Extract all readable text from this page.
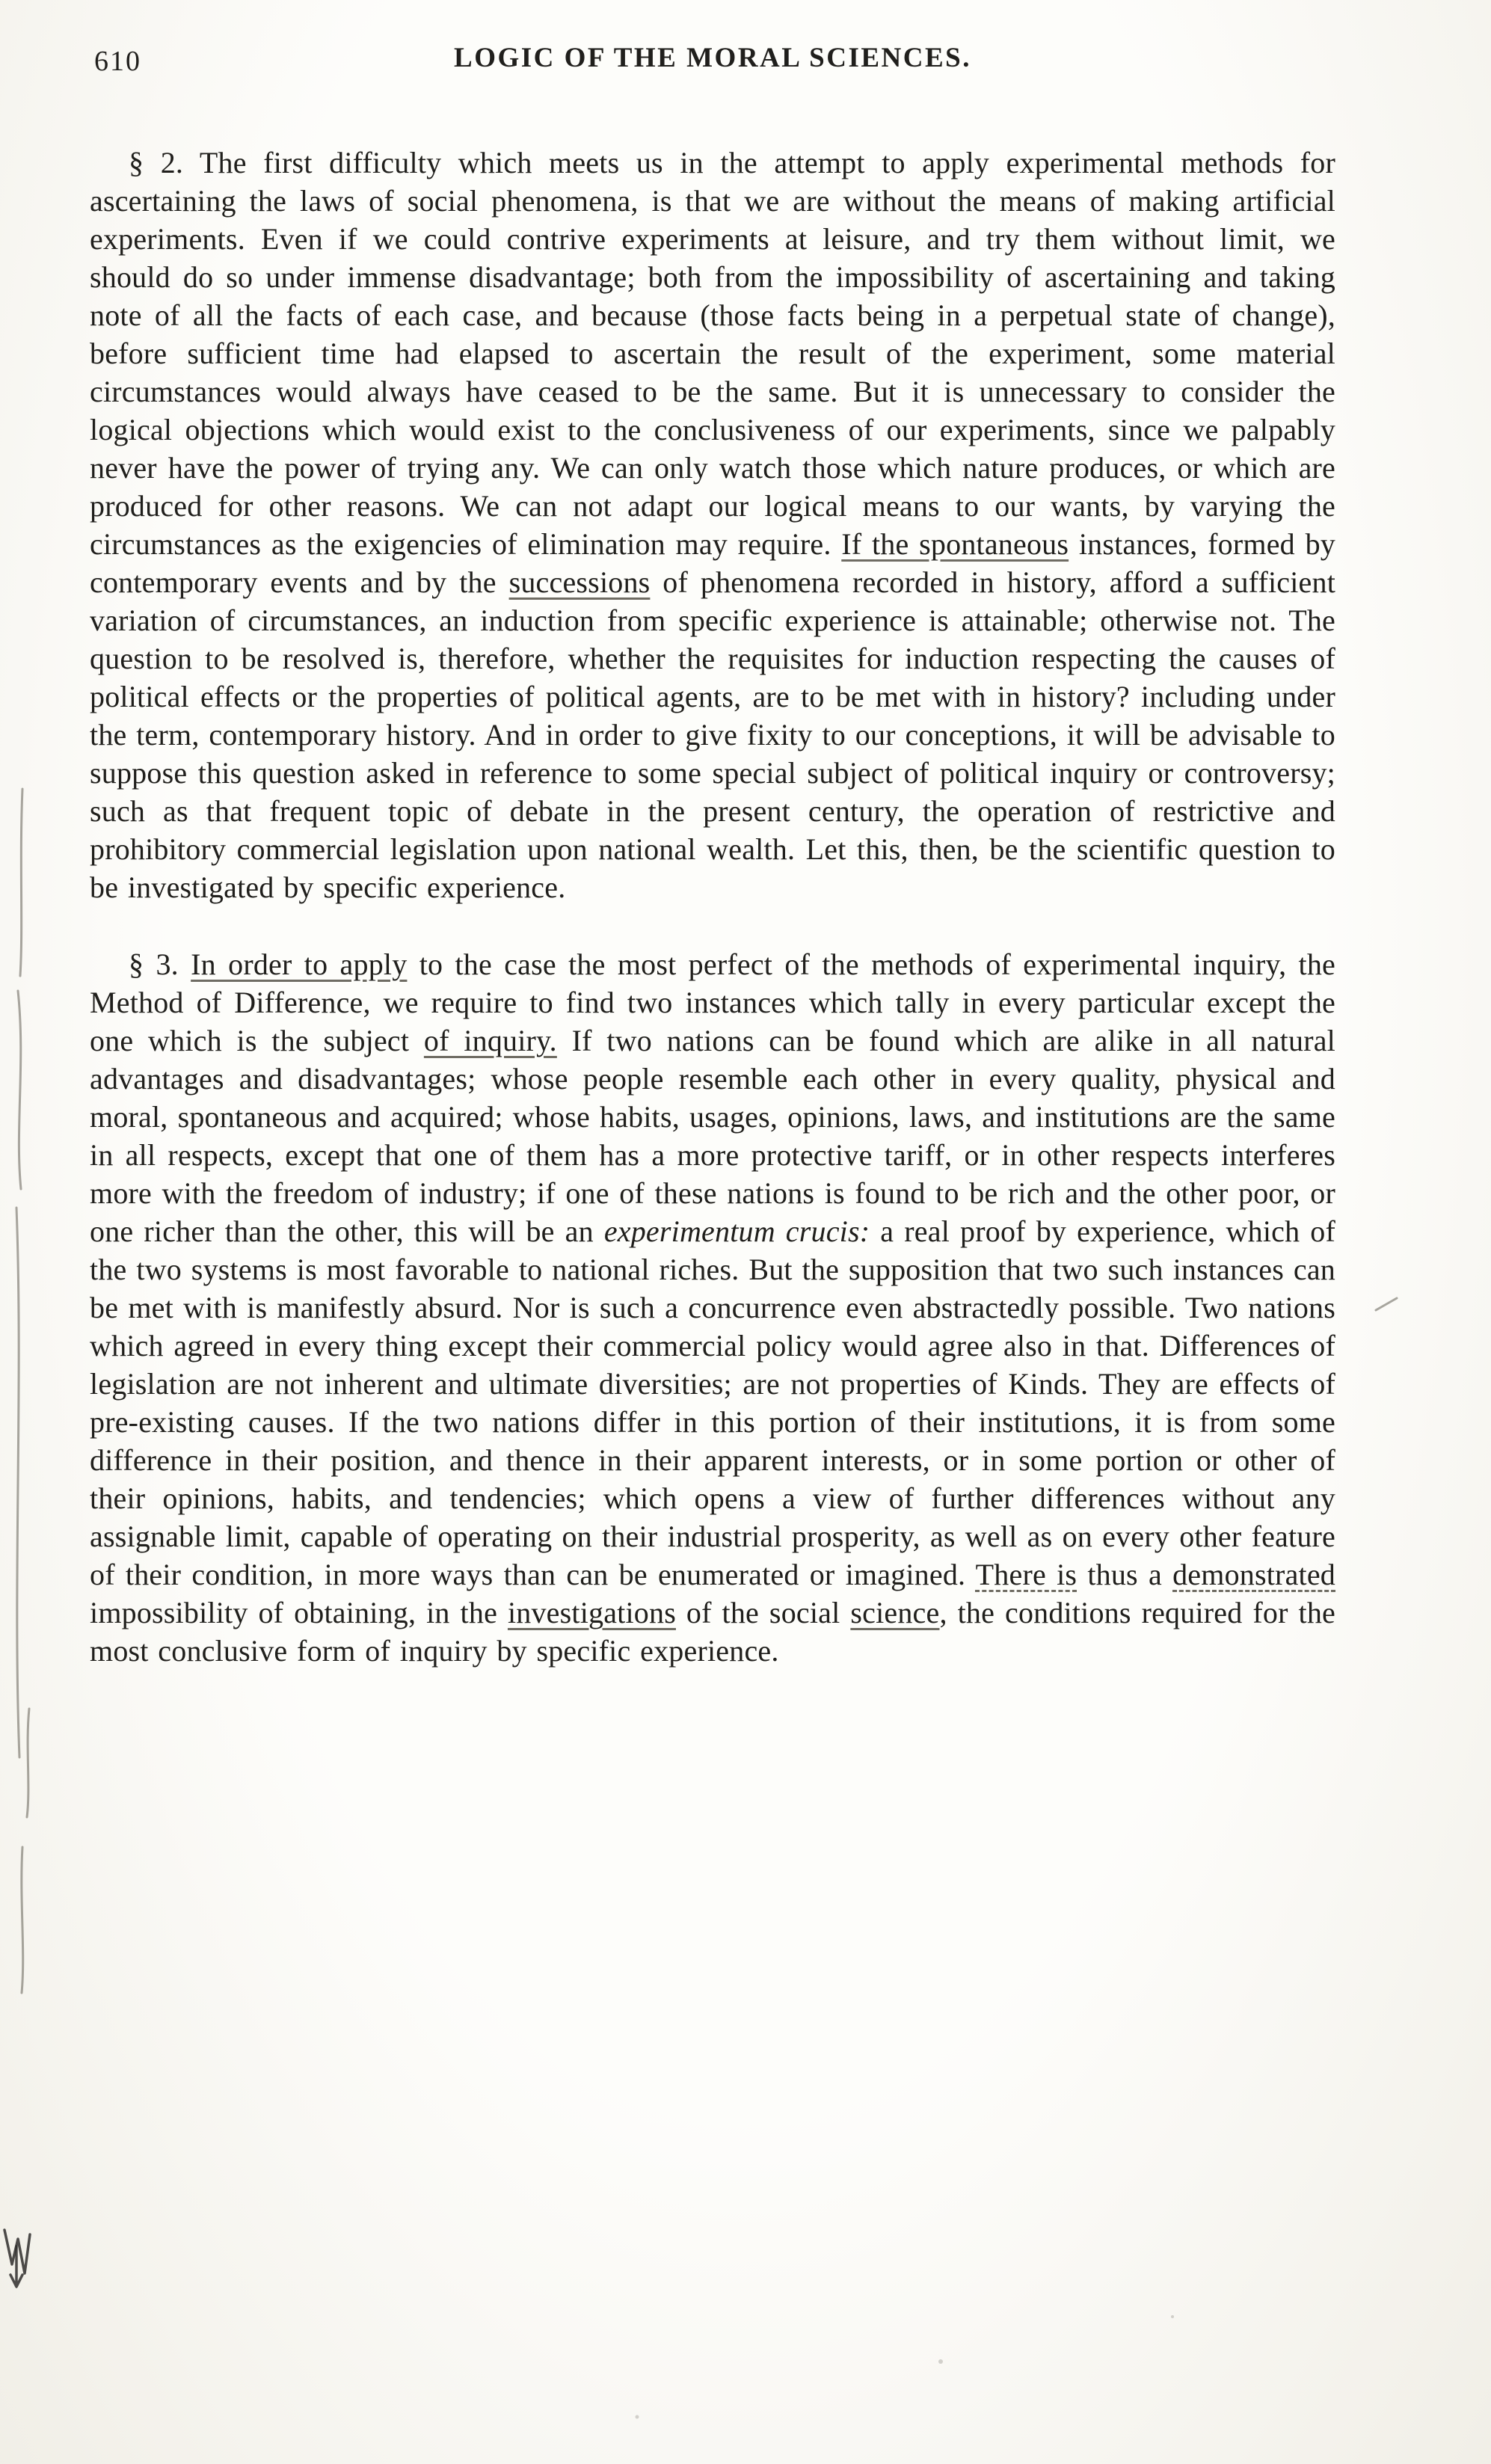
610	LOGIC OF THE MORAL SCIENCES.

§ 2. The first difficulty which meets us in the attempt to apply experimental methods for ascertaining the laws of social phenomena, is that we are without the means of making artificial experiments. Even if we could contrive experiments at leisure, and try them without limit, we should do so under immense disadvantage; both from the impossibility of ascertaining and taking note of all the facts of each case, and because (those facts being in a perpetual state of change), before sufficient time had elapsed to ascertain the result of the experiment, some material circumstances would always have ceased to be the same. But it is unnecessary to consider the logical objections which would exist to the conclusiveness of our experiments, since we palpably never have the power of trying any. We can only watch those which nature produces, or which are produced for other reasons. We can not adapt our logical means to our wants, by varying the circumstances as the exigencies of elimination may require. If the spontaneous instances, formed by contemporary events and by the successions of phenomena recorded in history, afford a sufficient variation of circumstances, an induction from specific experience is attainable; otherwise not. The question to be resolved is, therefore, whether the requisites for induction respecting the causes of political effects or the properties of political agents, are to be met with in history? including under the term, contemporary history. And in order to give fixity to our conceptions, it will be advisable to suppose this question asked in reference to some special subject of political inquiry or controversy; such as that frequent topic of debate in the present century, the operation of restrictive and prohibitory commercial legislation upon national wealth. Let this, then, be the scientific question to be investigated by specific experience.

§ 3. In order to apply to the case the most perfect of the methods of experimental inquiry, the Method of Difference, we require to find two instances which tally in every particular except the one which is the subject of inquiry. If two nations can be found which are alike in all natural advantages and disadvantages; whose people resemble each other in every quality, physical and moral, spontaneous and acquired; whose habits, usages, opinions, laws, and institutions are the same in all respects, except that one of them has a more protective tariff, or in other respects interferes more with the freedom of industry; if one of these nations is found to be rich and the other poor, or one richer than the other, this will be an experimentum crucis: a real proof by experience, which of the two systems is most favorable to national riches. But the supposition that two such instances can be met with is manifestly absurd. Nor is such a concurrence even abstractedly possible. Two nations which agreed in every thing except their commercial policy would agree also in that. Differences of legislation are not inherent and ultimate diversities; are not properties of Kinds. They are effects of pre-existing causes. If the two nations differ in this portion of their institutions, it is from some difference in their position, and thence in their apparent interests, or in some portion or other of their opinions, habits, and tendencies; which opens a view of further differences without any assignable limit, capable of operating on their industrial prosperity, as well as on every other feature of their condition, in more ways than can be enumerated or imagined. There is thus a demonstrated impossibility of obtaining, in the investigations of the social science, the conditions required for the most conclusive form of inquiry by specific experience.
